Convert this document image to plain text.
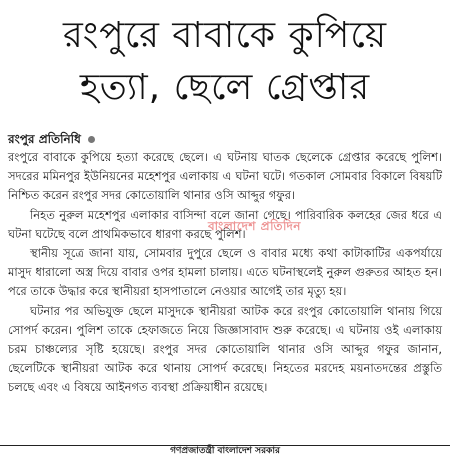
রংপুরে বাবাকে কুপিয়ে
হত্যা, ছেলে গ্রেপ্তার
রংপুর প্রতিনিধি

রংপুরে বাবাকে কুপিয়ে হত্যা করেছে ছেলে। এ ঘটনায় ঘাতক ছেলেকে গ্রেপ্তার করেছে পুলিশ। সদরের মমিনপুর ইউনিয়নের মহেশপুর এলাকায় এ ঘটনা ঘটে। গতকাল সোমবার বিকালে বিষয়টি নিশ্চিত করেন রংপুর সদর কোতোয়ালি থানার ওসি আব্দুর গফুর।

নিহত নুরুল মহেশপুর এলাকার বাসিন্দা বলে জানা গেছে। পারিবারিক কলহের জের ধরে এ ঘটনা ঘটেছে বলে প্রাথমিকভাবে ধারণা করছে পুলিশ।

স্থানীয় সূত্রে জানা যায়, সোমবার দুপুরে ছেলে ও বাবার মধ্যে কথা কাটাকাটির একপর্যায়ে মাসুদ ধারালো অস্ত্র দিয়ে বাবার ওপর হামলা চালায়। এতে ঘটনাস্থলেই নুরুল গুরুতর আহত হন। পরে তাকে উদ্ধার করে স্থানীয়রা হাসপাতালে নেওয়ার আগেই তার মৃত্যু হয়।

ঘটনার পর অভিযুক্ত ছেলে মাসুদকে স্থানীয়রা আটক করে রংপুর কোতোয়ালি থানায় গিয়ে সোপর্দ করেন। পুলিশ তাকে হেফাজতে নিয়ে জিজ্ঞাসাবাদ শুরু করেছে। এ ঘটনায় ওই এলাকায় চরম চাঞ্চল্যের সৃষ্টি হয়েছে। রংপুর সদর কোতোয়ালি থানার ওসি আব্দুর গফুর জানান, ছেলেটিকে স্থানীয়রা আটক করে থানায় সোপর্দ করেছে। নিহতের মরদেহ ময়নাতদন্তের প্রস্তুতি চলছে এবং এ বিষয়ে আইনগত ব্যবস্থা প্রক্রিয়াধীন রয়েছে।

বাংলাদেশ প্রতিদিন
গণপ্রজাতন্ত্রী বাংলাদেশ সরকার
